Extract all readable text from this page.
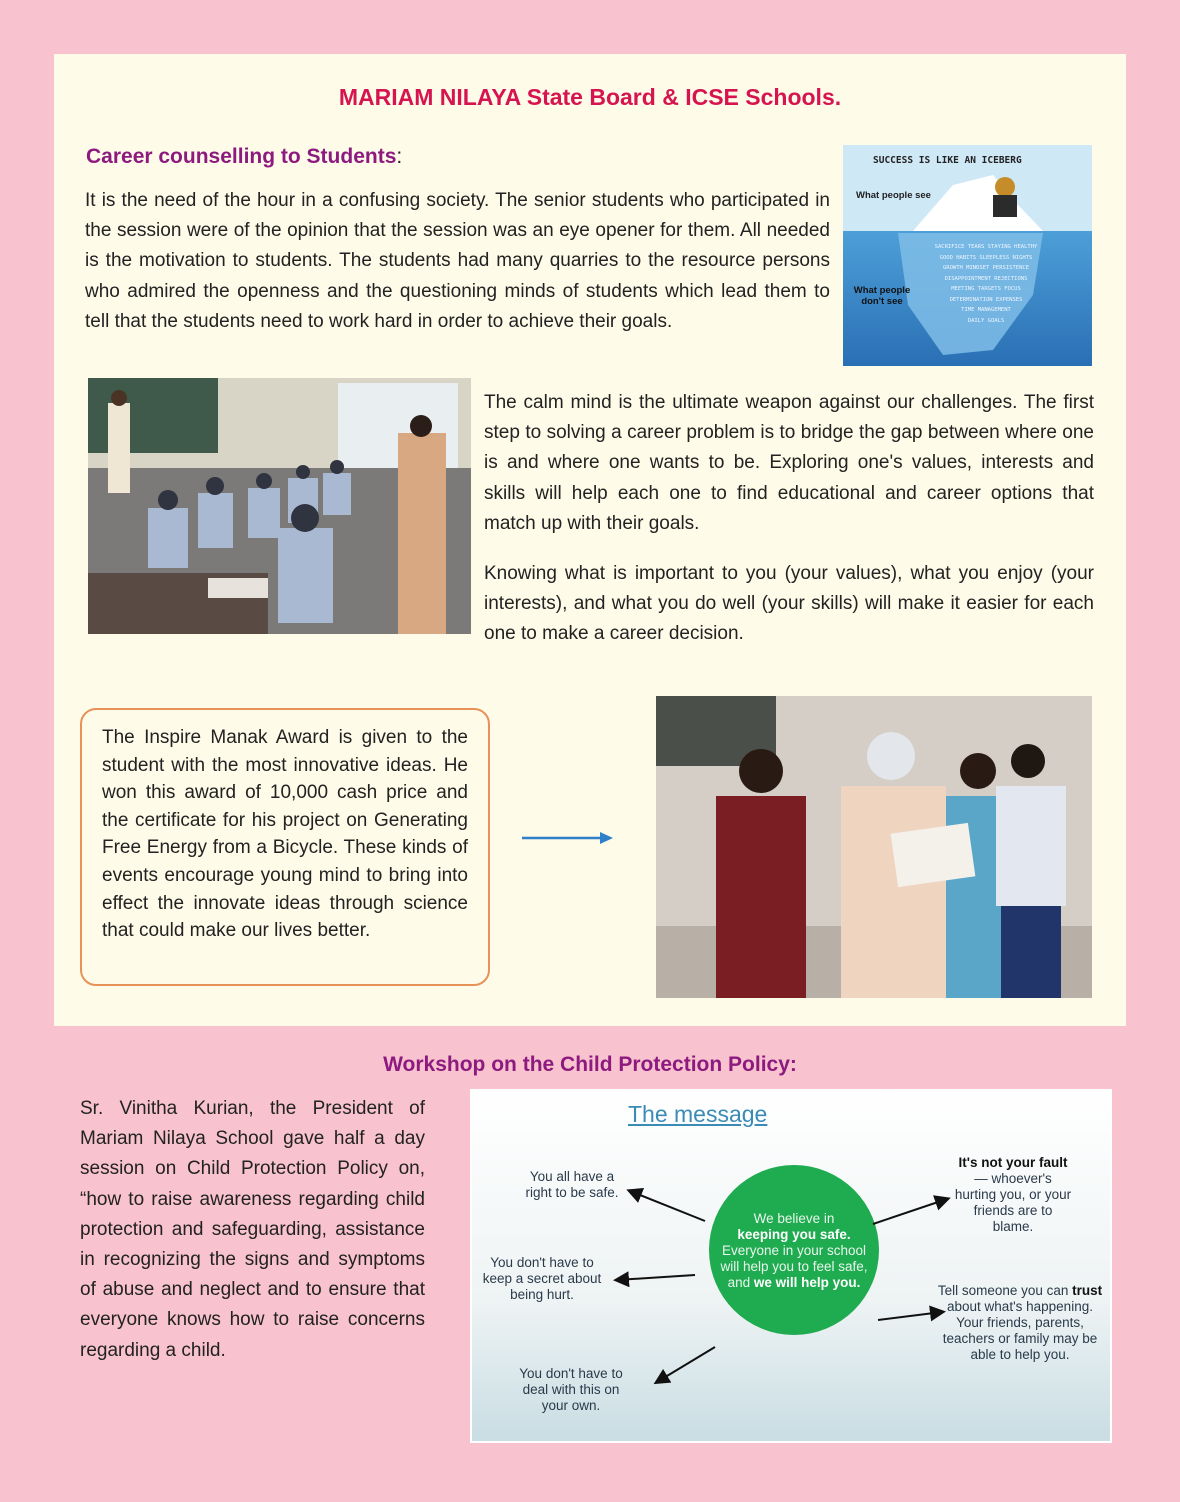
MARIAM NILAYA State Board & ICSE Schools.
Career counselling to Students:

It is the need of the hour in a confusing society. The senior students who participated in the session were of the opinion that the session was an eye opener for them. All needed is the motivation to students. The students had many quarries to the resource persons who admired the openness and the questioning minds of students which lead them to tell that the students need to work hard in order to achieve their goals.

SUCCESS IS LIKE AN ICEBERG
What people see
What people don't see
SACRIFICE TEARS STAYING HEALTHY
GOOD HABITS SLEEPLESS NIGHTS
GROWTH MINDSET PERSISTENCE
DISAPPOINTMENT REJECTIONS
MEETING TARGETS FOCUS
DETERMINATION EXPENSES
TIME MANAGEMENT
DAILY GOALS

The calm mind is the ultimate weapon against our challenges. The first step to solving a career problem is to bridge the gap between where one is and where one wants to be. Exploring one's values, interests and skills will help each one to find educational and career options that match up with their goals.

Knowing what is important to you (your values), what you enjoy (your interests), and what you do well (your skills) will make it easier for each one to make a career decision.

The Inspire Manak Award is given to the student with the most innovative ideas. He won this award of 10,000 cash price and the certificate for his project on Generating Free Energy from a Bicycle. These kinds of events encourage young mind to bring into effect the innovate ideas through science that could make our lives better.

Workshop on the Child Protection Policy:

Sr. Vinitha Kurian, the President of Mariam Nilaya School gave half a day session on Child Protection Policy on, “how to raise awareness regarding child protection and safeguarding, assistance in recognizing the signs and symptoms of abuse and neglect and to ensure that everyone knows how to raise concerns regarding a child.

The message
We believe in
keeping you safe. Everyone in your school will help you to feel safe, and we will help you.
You all have a right to be safe.
You don't have to keep a secret about being hurt.
You don't have to deal with this on your own.
It's not your fault — whoever's hurting you, or your friends are to blame.
Tell someone you can trust about what's happening. Your friends, parents, teachers or family may be able to help you.
